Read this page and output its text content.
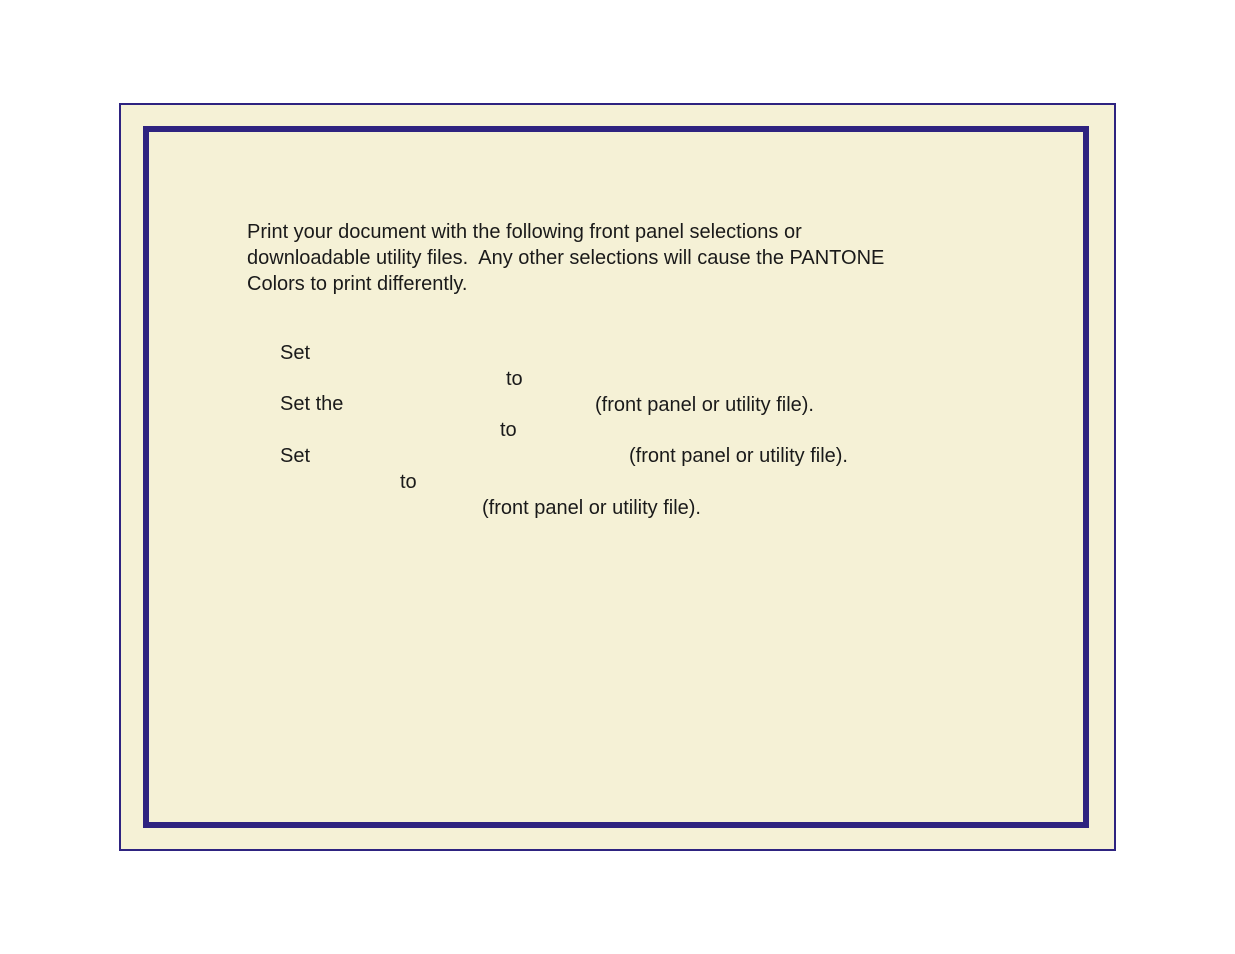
Print your document with the following front panel selections or
downloadable utility files.  Any other selections will cause the PANTONE
Colors to print differently.

Set

to

(front panel or utility file).

Set the

to

(front panel or utility file).

Set

to

(front panel or utility file).
